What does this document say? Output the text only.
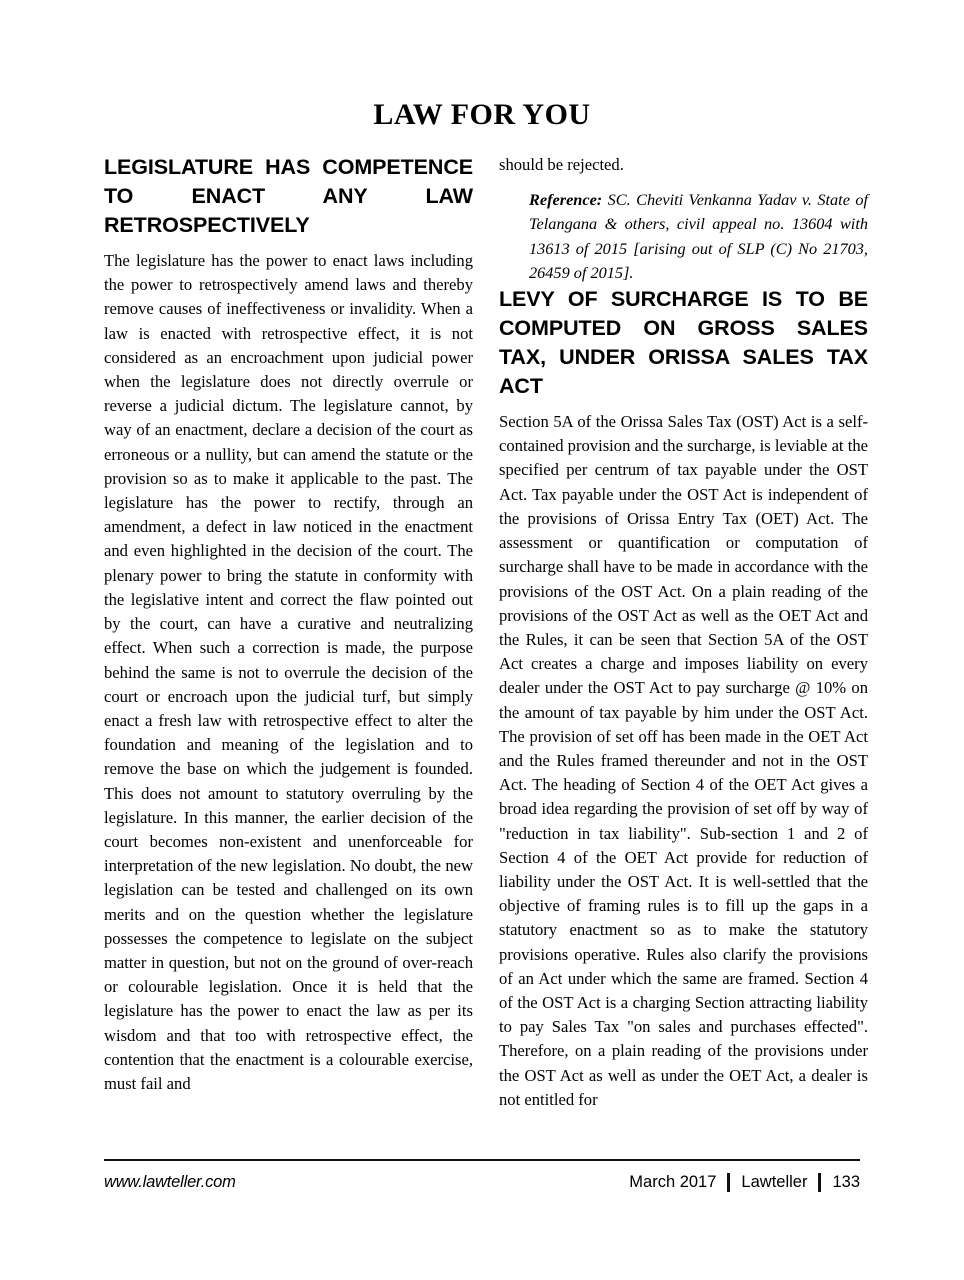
LAW FOR YOU
LEGISLATURE HAS COMPETENCE TO ENACT ANY LAW RETROSPECTIVELY

The legislature has the power to enact laws including the power to retrospectively amend laws and thereby remove causes of ineffectiveness or invalidity. When a law is enacted with retrospective effect, it is not considered as an encroachment upon judicial power when the legislature does not directly overrule or reverse a judicial dictum. The legislature cannot, by way of an enactment, declare a decision of the court as erroneous or a nullity, but can amend the statute or the provision so as to make it applicable to the past. The legislature has the power to rectify, through an amendment, a defect in law noticed in the enactment and even highlighted in the decision of the court. The plenary power to bring the statute in conformity with the legislative intent and correct the flaw pointed out by the court, can have a curative and neutralizing effect. When such a correction is made, the purpose behind the same is not to overrule the decision of the court or encroach upon the judicial turf, but simply enact a fresh law with retrospective effect to alter the foundation and meaning of the legislation and to remove the base on which the judgement is founded. This does not amount to statutory overruling by the legislature. In this manner, the earlier decision of the court becomes non-existent and unenforceable for interpretation of the new legislation. No doubt, the new legislation can be tested and challenged on its own merits and on the question whether the legislature possesses the competence to legislate on the subject matter in question, but not on the ground of over-reach or colourable legislation. Once it is held that the legislature has the power to enact the law as per its wisdom and that too with retrospective effect, the contention that the enactment is a colourable exercise, must fail and

should be rejected.

Reference: SC. Cheviti Venkanna Yadav v. State of Telangana & others, civil appeal no. 13604 with 13613 of 2015 [arising out of SLP (C) No 21703, 26459 of 2015].

LEVY OF SURCHARGE IS TO BE COMPUTED ON GROSS SALES TAX, UNDER ORISSA SALES TAX ACT

Section 5A of the Orissa Sales Tax (OST) Act is a self-contained provision and the surcharge, is leviable at the specified per centrum of tax payable under the OST Act. Tax payable under the OST Act is independent of the provisions of Orissa Entry Tax (OET) Act. The assessment or quantification or computation of surcharge shall have to be made in accordance with the provisions of the OST Act. On a plain reading of the provisions of the OST Act as well as the OET Act and the Rules, it can be seen that Section 5A of the OST Act creates a charge and imposes liability on every dealer under the OST Act to pay surcharge @ 10% on the amount of tax payable by him under the OST Act. The provision of set off has been made in the OET Act and the Rules framed thereunder and not in the OST Act. The heading of Section 4 of the OET Act gives a broad idea regarding the provision of set off by way of "reduction in tax liability". Sub-section 1 and 2 of Section 4 of the OET Act provide for reduction of liability under the OST Act. It is well-settled that the objective of framing rules is to fill up the gaps in a statutory enactment so as to make the statutory provisions operative. Rules also clarify the provisions of an Act under which the same are framed. Section 4 of the OST Act is a charging Section attracting liability to pay Sales Tax "on sales and purchases effected". Therefore, on a plain reading of the provisions under the OST Act as well as under the OET Act, a dealer is not entitled for

www.lawteller.com	March 2017	Lawteller	133
